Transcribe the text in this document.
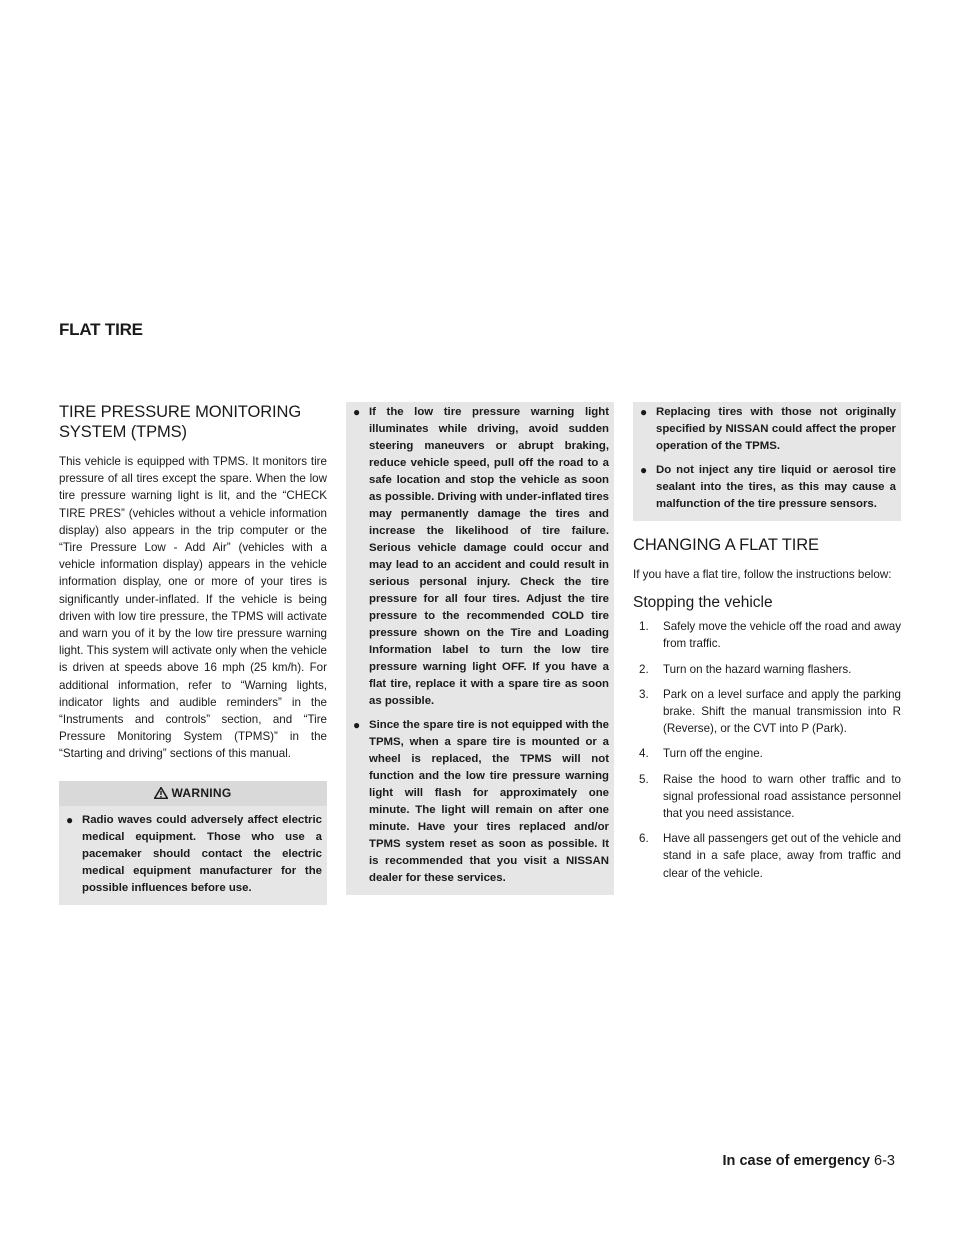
FLAT TIRE
TIRE PRESSURE MONITORING SYSTEM (TPMS)

This vehicle is equipped with TPMS. It monitors tire pressure of all tires except the spare. When the low tire pressure warning light is lit, and the “CHECK TIRE PRES” (vehicles without a vehicle information display) also appears in the trip computer or the “Tire Pressure Low - Add Air” (vehicles with a vehicle information display) appears in the vehicle information display, one or more of your tires is significantly under-inflated. If the vehicle is being driven with low tire pressure, the TPMS will activate and warn you of it by the low tire pressure warning light. This system will activate only when the vehicle is driven at speeds above 16 mph (25 km/h). For additional information, refer to “Warning lights, indicator lights and audible reminders” in the “Instruments and controls” section, and “Tire Pressure Monitoring System (TPMS)” in the “Starting and driving” sections of this manual.

WARNING
● Radio waves could adversely affect electric medical equipment. Those who use a pacemaker should contact the electric medical equipment manufacturer for the possible influences before use.
● If the low tire pressure warning light illuminates while driving, avoid sudden steering maneuvers or abrupt braking, reduce vehicle speed, pull off the road to a safe location and stop the vehicle as soon as possible. Driving with under-inflated tires may permanently damage the tires and increase the likelihood of tire failure. Serious vehicle damage could occur and may lead to an accident and could result in serious personal injury. Check the tire pressure for all four tires. Adjust the tire pressure to the recommended COLD tire pressure shown on the Tire and Loading Information label to turn the low tire pressure warning light OFF. If you have a flat tire, replace it with a spare tire as soon as possible.
● Since the spare tire is not equipped with the TPMS, when a spare tire is mounted or a wheel is replaced, the TPMS will not function and the low tire pressure warning light will flash for approximately one minute. The light will remain on after one minute. Have your tires replaced and/or TPMS system reset as soon as possible. It is recommended that you visit a NISSAN dealer for these services.
● Replacing tires with those not originally specified by NISSAN could affect the proper operation of the TPMS.
● Do not inject any tire liquid or aerosol tire sealant into the tires, as this may cause a malfunction of the tire pressure sensors.
CHANGING A FLAT TIRE

If you have a flat tire, follow the instructions below:

Stopping the vehicle
1. Safely move the vehicle off the road and away from traffic.
2. Turn on the hazard warning flashers.
3. Park on a level surface and apply the parking brake. Shift the manual transmission into R (Reverse), or the CVT into P (Park).
4. Turn off the engine.
5. Raise the hood to warn other traffic and to signal professional road assistance personnel that you need assistance.
6. Have all passengers get out of the vehicle and stand in a safe place, away from traffic and clear of the vehicle.
In case of emergency 6-3
